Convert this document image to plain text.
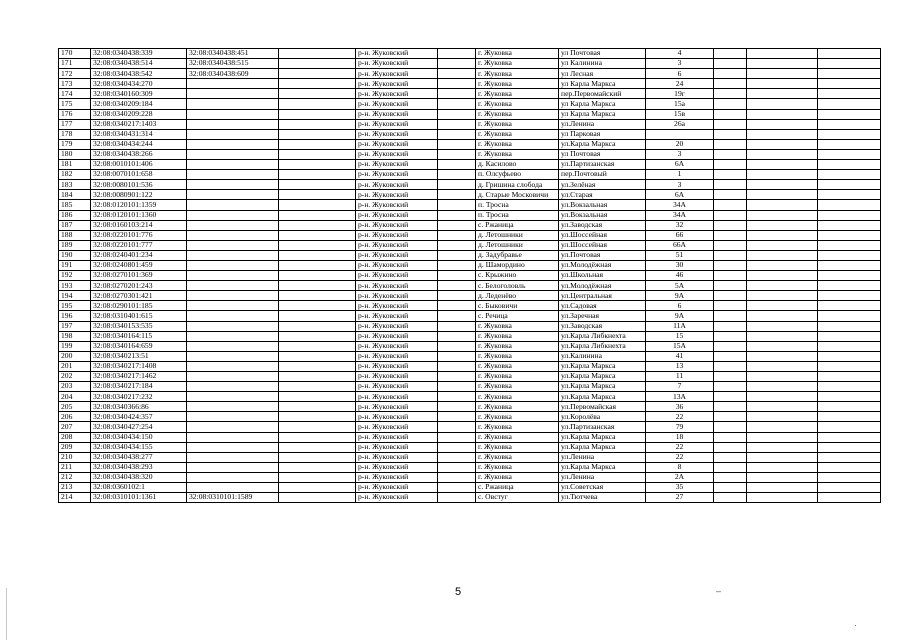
170	32:08:0340438:339	32:08:0340438:451		р-н. Жуковский		г. Жуковка	ул Почтовая	4			
171	32:08:0340438:514	32:08:0340438:515		р-н. Жуковский		г. Жуковка	ул Калинина	3			
172	32:08:0340438:542	32:08:0340438:609		р-н. Жуковский		г. Жуковка	ул Лесная	6			
173	32:08:0340434:270			р-н. Жуковский		г. Жуковка	ул Карла Маркса	24			
174	32:08:0340160:309			р-н. Жуковский		г. Жуковка	пер.Первомайский	19г			
175	32:08:0340209:184			р-н. Жуковский		г. Жуковка	ул Карла Маркса	15а			
176	32:08:0340209:228			р-н. Жуковский		г. Жуковка	ул Карла Маркса	15в			
177	32:08:0340217:1403			р-н. Жуковский		г. Жуковка	ул.Ленина	26а			
178	32:08:0340431:314			р-н. Жуковский		г. Жуковка	ул Парковая				
179	32:08:0340434:244			р-н. Жуковский		г. Жуковка	ул.Карла Маркса	20			
180	32:08:0340438:266			р-н. Жуковский		г. Жуковка	ул Почтовая	3			
181	32:08:0010101:406			р-н. Жуковский		д. Касилово	ул.Партизанская	6А			
182	32:08:0070101:658			р-н. Жуковский		п. Олсуфьево	пер.Почтовый	1			
183	32:08:0080101:536			р-н. Жуковский		д. Гришина слобода	ул.Зелёная	3			
184	32:08:0080901:122			р-н. Жуковский		д. Старые Московичи	ул.Старая	6А			
185	32:08:0120101:1359			р-н. Жуковский		п. Тросна	ул.Вокзальная	34А			
186	32:08:0120101:1360			р-н. Жуковский		п. Тросна	ул.Вокзальная	34А			
187	32:08:0160103:214			р-н. Жуковский		с. Ржаница	ул.Заводская	32			
188	32:08:0220101:776			р-н. Жуковский		д. Летошники	ул.Шоссейная	66			
189	32:08:0220101:777			р-н. Жуковский		д. Летошники	ул.Шоссейная	66А			
190	32:08:0240401:234			р-н. Жуковский		д. Задубравье	ул.Почтовая	51			
191	32:08:0240801:459			р-н. Жуковский		д. Шамордино	ул.Молодёжная	30			
192	32:08:0270101:369			р-н. Жуковский		с. Крыжино	ул.Школьная	46			
193	32:08:0270201:243			р-н. Жуковский		с. Белоголовль	ул.Молодёжная	5А			
194	32:08:0270301:421			р-н. Жуковский		д. Леденёво	ул.Центральная	9А			
195	32:08:0290101:185			р-н. Жуковский		с. Быковичи	ул.Садовая	6			
196	32:08:0310401:615			р-н. Жуковский		с. Речица	ул.Заречная	9А			
197	32:08:0340153:535			р-н. Жуковский		г. Жуковка	ул.Заводская	11А			
198	32:08:0340164:115			р-н. Жуковский		г. Жуковка	ул.Карла Либкнехта	15			
199	32:08:0340164:659			р-н. Жуковский		г. Жуковка	ул.Карла Либкнехта	15А			
200	32:08:0340213:51			р-н. Жуковский		г. Жуковка	ул.Калинина	41			
201	32:08:0340217:1408			р-н. Жуковский		г. Жуковка	ул.Карла Маркса	13			
202	32:08:0340217:1462			р-н. Жуковский		г. Жуковка	ул.Карла Маркса	11			
203	32:08:0340217:184			р-н. Жуковский		г. Жуковка	ул.Карла Маркса	7			
204	32:08:0340217:232			р-н. Жуковский		г. Жуковка	ул.Карла Маркса	13А			
205	32:08:0340366:86			р-н. Жуковский		г. Жуковка	ул.Первомайская	36			
206	32:08:0340424:357			р-н. Жуковский		г. Жуковка	ул.Королёва	22			
207	32:08:0340427:254			р-н. Жуковский		г. Жуковка	ул.Партизанская	79			
208	32:08:0340434:150			р-н. Жуковский		г. Жуковка	ул.Карла Маркса	18			
209	32:08:0340434:155			р-н. Жуковский		г. Жуковка	ул.Карла Маркса	22			
210	32:08:0340438:277			р-н. Жуковский		г. Жуковка	ул.Ленина	22			
211	32:08:0340438:293			р-н. Жуковский		г. Жуковка	ул.Карла Маркса	8			
212	32:08:0340438:320			р-н. Жуковский		г. Жуковка	ул.Ленина	2А			
213	32:08:0360102:1			р-н. Жуковский		с. Ржаница	ул.Советская	35			
214	32:08:0310101:1361	32:08:0310101:1589		р-н. Жуковский		с. Овстуг	ул.Тютчева	27			
5	–
·
